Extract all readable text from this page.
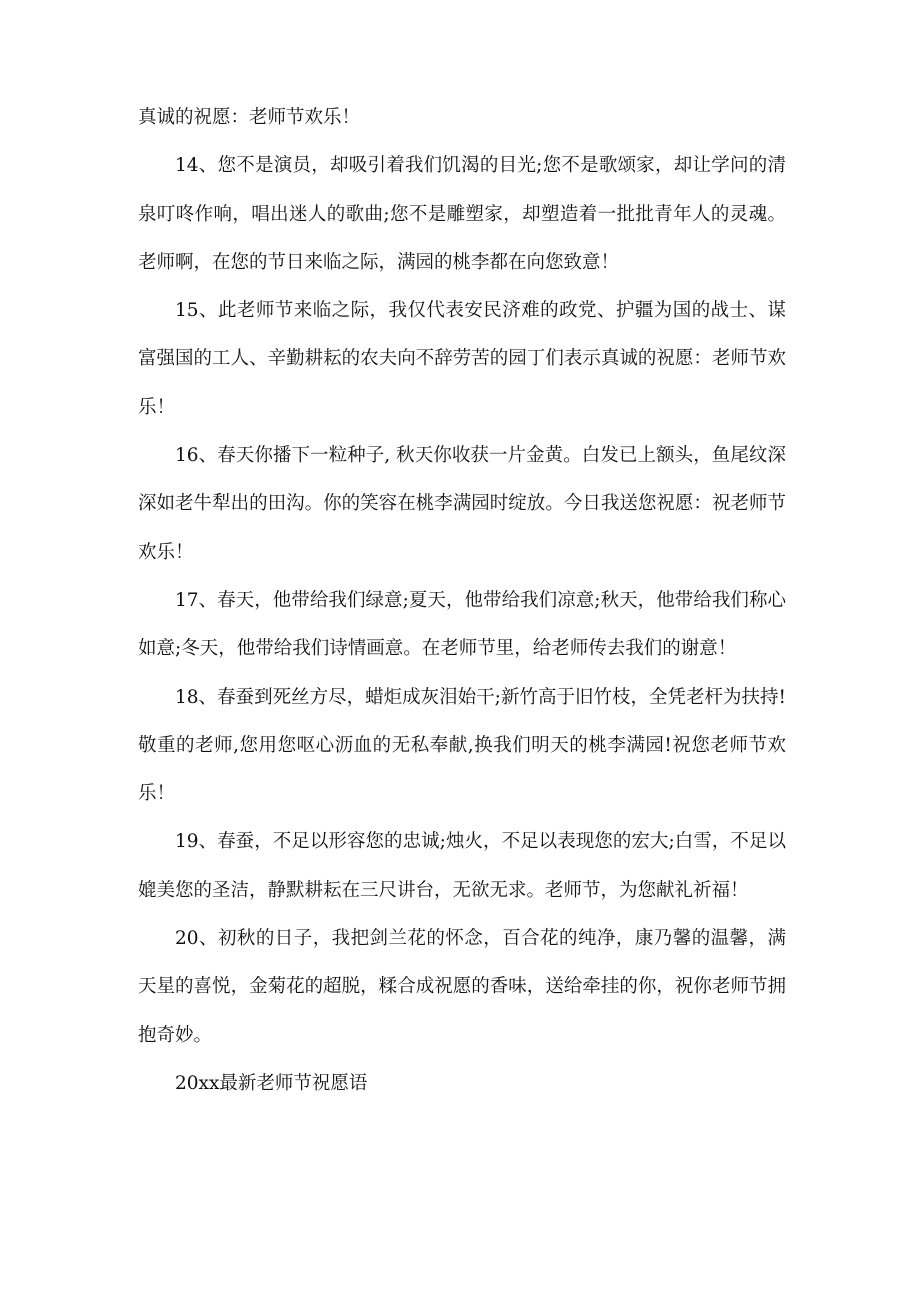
真诚的祝愿：老师节欢乐！

14、您不是演员，却吸引着我们饥渴的目光;您不是歌颂家，却让学问的清泉叮咚作响，唱出迷人的歌曲;您不是雕塑家，却塑造着一批批青年人的灵魂。老师啊，在您的节日来临之际，满园的桃李都在向您致意！

15、此老师节来临之际，我仅代表安民济难的政党、护疆为国的战士、谋富强国的工人、辛勤耕耘的农夫向不辞劳苦的园丁们表示真诚的祝愿：老师节欢乐！

16、春天你播下一粒种子, 秋天你收获一片金黄。白发已上额头，鱼尾纹深深如老牛犁出的田沟。你的笑容在桃李满园时绽放。今日我送您祝愿：祝老师节欢乐！

17、春天，他带给我们绿意;夏天，他带给我们凉意;秋天，他带给我们称心如意;冬天，他带给我们诗情画意。在老师节里，给老师传去我们的谢意！

18、春蚕到死丝方尽，蜡炬成灰泪始干;新竹高于旧竹枝，全凭老杆为扶持!敬重的老师,您用您呕心沥血的无私奉献,换我们明天的桃李满园!祝您老师节欢乐！

19、春蚕，不足以形容您的忠诚;烛火，不足以表现您的宏大;白雪，不足以媲美您的圣洁，静默耕耘在三尺讲台，无欲无求。老师节，为您献礼祈福！

20、初秋的日子，我把剑兰花的怀念，百合花的纯净，康乃馨的温馨，满天星的喜悦，金菊花的超脱，糅合成祝愿的香味，送给牵挂的你，祝你老师节拥抱奇妙。

20xx最新老师节祝愿语
